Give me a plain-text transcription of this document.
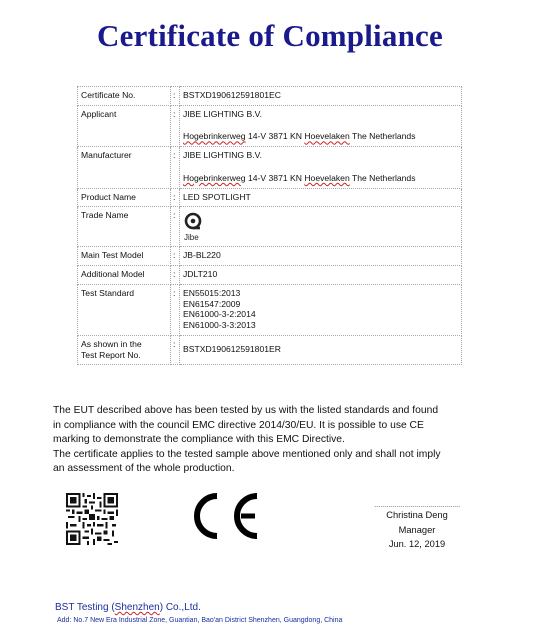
Certificate of Compliance
Certificate No.	:	BSTXD190612591801EC
Applicant	:	JIBE LIGHTING B.V.
Hogebrinkerweg 14-V 3871 KN Hoevelaken The Netherlands

Manufacturer	:	JIBE LIGHTING B.V.
Hogebrinkerweg 14-V 3871 KN Hoevelaken The Netherlands

Product Name	:	LED SPOTLIGHT
Trade Name	:	Jibe

Main Test Model	:	JB-BL220
Additional Model	:	JDLT210
Test Standard	:	EN55015:2013
EN61547:2009
EN61000-3-2:2014
EN61000-3-3:2013

As shown in the
Test Report No.	:	BSTXD190612591801ER

The EUT described above has been tested by us with the listed standards and found

in compliance with the council EMC directive 2014/30/EU. It is possible to use CE

marking to demonstrate the compliance with this EMC Directive.

The certificate applies to the tested sample above mentioned only and shall not imply

an assessment of the whole production.

...........................................
Christina Deng
Manager
Jun. 12, 2019
BST Testing (Shenzhen) Co.,Ltd.
Add: No.7 New Era Industrial Zone, Guantian, Bao'an District Shenzhen, Guangdong, China
